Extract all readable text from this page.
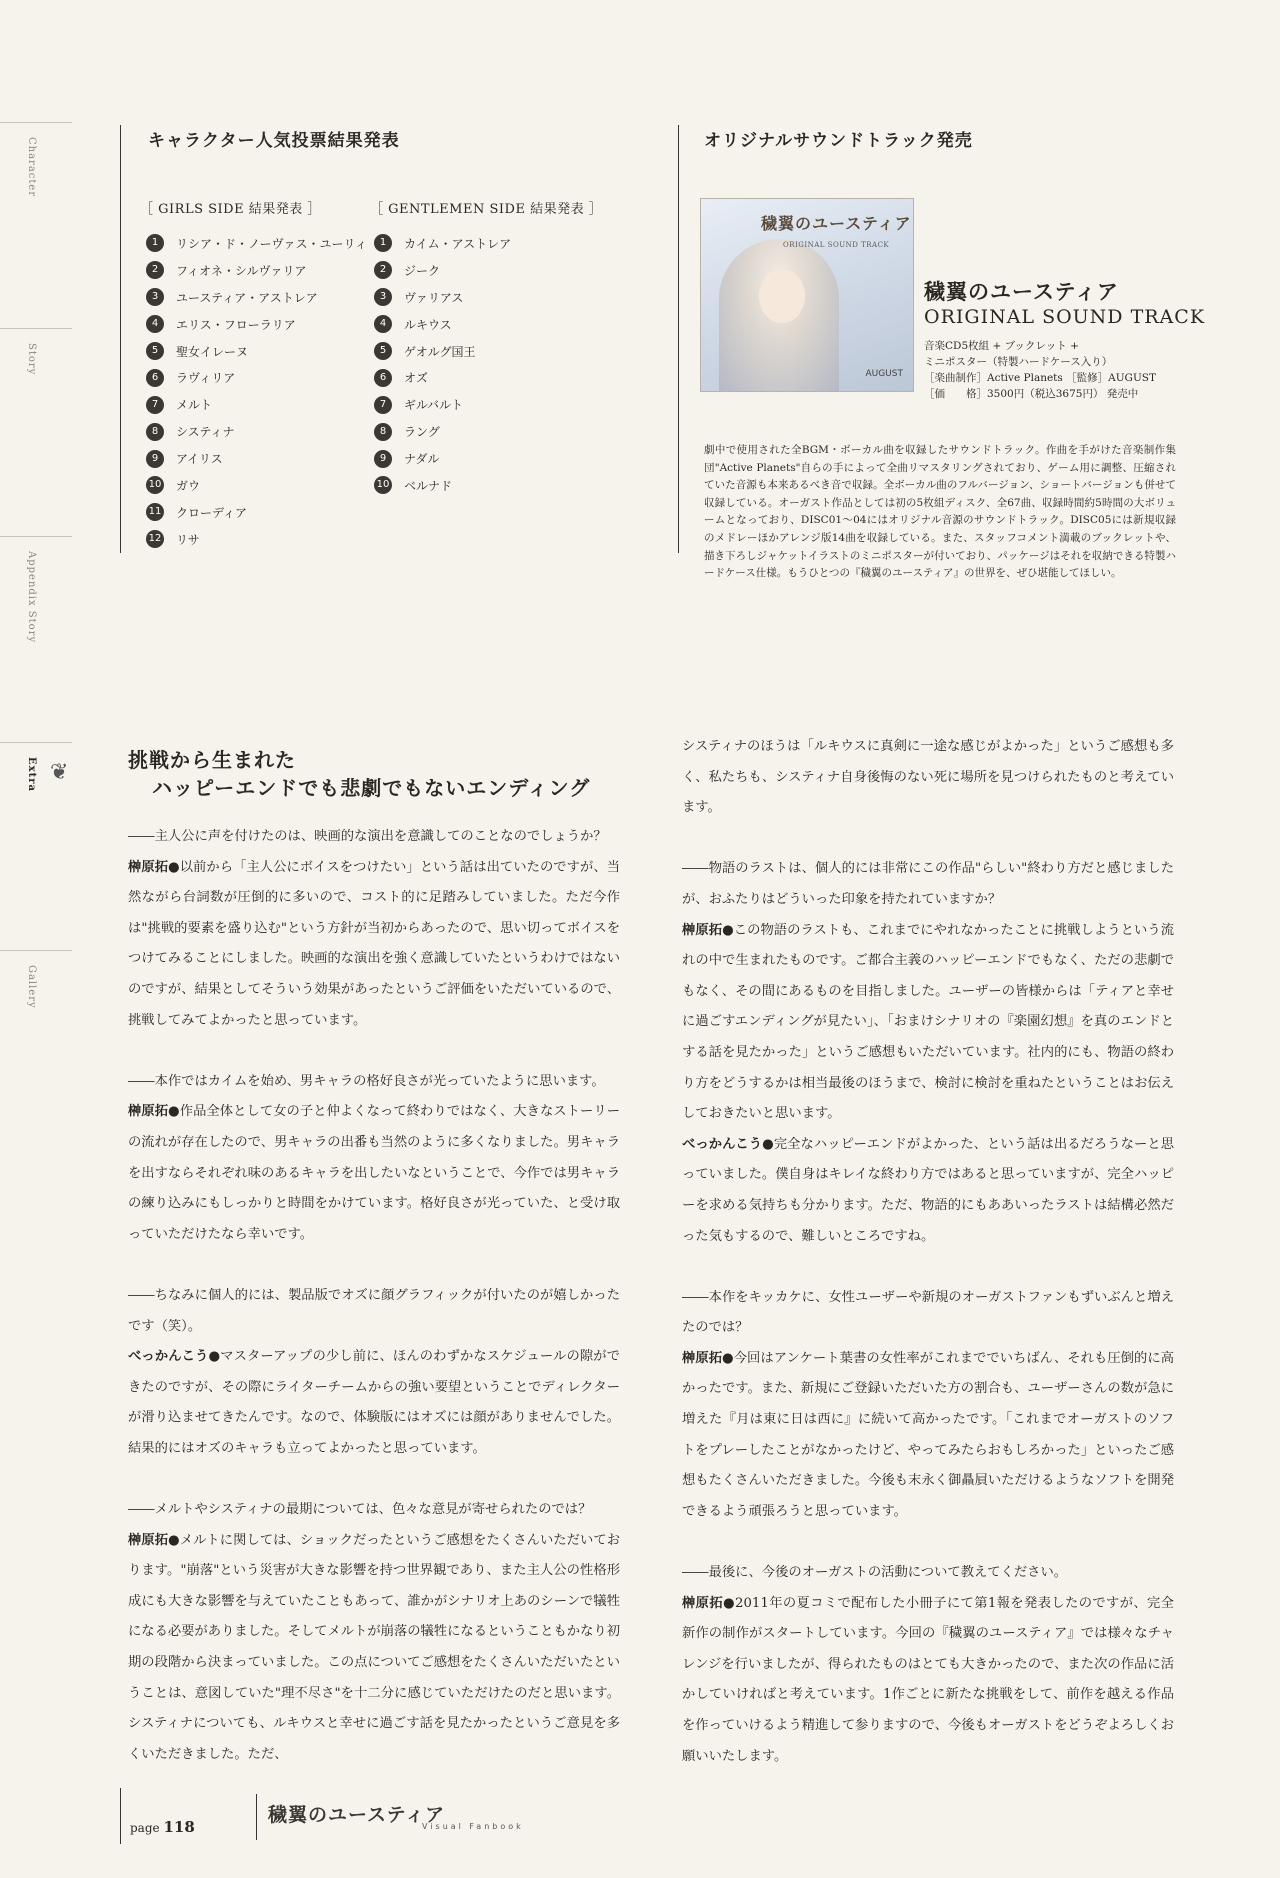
Character
Story
Appendix Story
Extra ❦
Gallery
キャラクター人気投票結果発表
［ GIRLS SIDE 結果発表 ］	［ GENTLEMEN SIDE 結果発表 ］
1	リシア・ド・ノーヴァス・ユーリィ
2	フィオネ・シルヴァリア
3	ユースティア・アストレア
4	エリス・フローラリア
5	聖女イレーヌ
6	ラヴィリア
7	メルト
8	システィナ
9	アイリス
10 ガウ
11 クローディア
12 リサ
1	カイム・アストレア
2	ジーク
3	ヴァリアス
4	ルキウス
5	ゲオルグ国王
6	オズ
7	ギルバルト
8	ラング
9	ナダル
10 ベルナド
オリジナルサウンドトラック発売
穢翼のユースティア
ORIGINAL SOUND TRACK
AUGUST
穢翼のユースティア
ORIGINAL SOUND TRACK
音楽CD5枚組 + ブックレット +
ミニポスター（特製ハードケース入り）
［楽曲制作］Active Planets ［監修］AUGUST
［価　　格］3500円（税込3675円） 発売中
劇中で使用された全BGM・ボーカル曲を収録したサウンドトラック。作曲を手がけた音楽制作集団"Active Planets"自らの手によって全曲リマスタリングされており、ゲーム用に調整、圧縮されていた音源も本来あるべき音で収録。全ボーカル曲のフルバージョン、ショートバージョンも併せて収録している。オーガスト作品としては初の5枚組ディスク、全67曲、収録時間約5時間の大ボリュームとなっており、DISC01～04にはオリジナル音源のサウンドトラック。DISC05には新規収録のメドレーほかアレンジ版14曲を収録している。また、スタッフコメント満載のブックレットや、描き下ろしジャケットイラストのミニポスターが付いており、パッケージはそれを収納できる特製ハードケース仕様。もうひとつの『穢翼のユースティア』の世界を、ぜひ堪能してほしい。
挑戦から生まれた
ハッピーエンドでも悲劇でもないエンディング

――主人公に声を付けたのは、映画的な演出を意識してのことなのでしょうか？

榊原拓●以前から「主人公にボイスをつけたい」という話は出ていたのですが、当然ながら台詞数が圧倒的に多いので、コスト的に足踏みしていました。ただ今作は"挑戦的要素を盛り込む"という方針が当初からあったので、思い切ってボイスをつけてみることにしました。映画的な演出を強く意識していたというわけではないのですが、結果としてそういう効果があったというご評価をいただいているので、挑戦してみてよかったと思っています。

――本作ではカイムを始め、男キャラの格好良さが光っていたように思います。

榊原拓●作品全体として女の子と仲よくなって終わりではなく、大きなストーリーの流れが存在したので、男キャラの出番も当然のように多くなりました。男キャラを出すならそれぞれ味のあるキャラを出したいなということで、今作では男キャラの練り込みにもしっかりと時間をかけています。格好良さが光っていた、と受け取っていただけたなら幸いです。

――ちなみに個人的には、製品版でオズに顔グラフィックが付いたのが嬉しかったです（笑）。

べっかんこう●マスターアップの少し前に、ほんのわずかなスケジュールの隙ができたのですが、その際にライターチームからの強い要望ということでディレクターが滑り込ませてきたんです。なので、体験版にはオズには顔がありませんでした。結果的にはオズのキャラも立ってよかったと思っています。

――メルトやシスティナの最期については、色々な意見が寄せられたのでは？

榊原拓●メルトに関しては、ショックだったというご感想をたくさんいただいております。"崩落"という災害が大きな影響を持つ世界観であり、また主人公の性格形成にも大きな影響を与えていたこともあって、誰かがシナリオ上あのシーンで犠牲になる必要がありました。そしてメルトが崩落の犠牲になるということもかなり初期の段階から決まっていました。この点についてご感想をたくさんいただいたということは、意図していた"理不尽さ"を十二分に感じていただけたのだと思います。システィナについても、ルキウスと幸せに過ごす話を見たかったというご意見を多くいただきました。ただ、

システィナのほうは「ルキウスに真剣に一途な感じがよかった」というご感想も多く、私たちも、システィナ自身後悔のない死に場所を見つけられたものと考えています。

――物語のラストは、個人的には非常にこの作品"らしい"終わり方だと感じましたが、おふたりはどういった印象を持たれていますか？

榊原拓●この物語のラストも、これまでにやれなかったことに挑戦しようという流れの中で生まれたものです。ご都合主義のハッピーエンドでもなく、ただの悲劇でもなく、その間にあるものを目指しました。ユーザーの皆様からは「ティアと幸せに過ごすエンディングが見たい」、「おまけシナリオの『楽園幻想』を真のエンドとする話を見たかった」というご感想もいただいています。社内的にも、物語の終わり方をどうするかは相当最後のほうまで、検討に検討を重ねたということはお伝えしておきたいと思います。

べっかんこう●完全なハッピーエンドがよかった、という話は出るだろうなーと思っていました。僕自身はキレイな終わり方ではあると思っていますが、完全ハッピーを求める気持ちも分かります。ただ、物語的にもああいったラストは結構必然だった気もするので、難しいところですね。

――本作をキッカケに、女性ユーザーや新規のオーガストファンもずいぶんと増えたのでは？

榊原拓●今回はアンケート葉書の女性率がこれまででいちばん、それも圧倒的に高かったです。また、新規にご登録いただいた方の割合も、ユーザーさんの数が急に増えた『月は東に日は西に』に続いて高かったです。「これまでオーガストのソフトをプレーしたことがなかったけど、やってみたらおもしろかった」といったご感想もたくさんいただきました。今後も末永く御贔屓いただけるようなソフトを開発できるよう頑張ろうと思っています。

――最後に、今後のオーガストの活動について教えてください。

榊原拓●2011年の夏コミで配布した小冊子にて第1報を発表したのですが、完全新作の制作がスタートしています。今回の『穢翼のユースティア』では様々なチャレンジを行いましたが、得られたものはとても大きかったので、また次の作品に活かしていければと考えています。1作ごとに新たな挑戦をして、前作を越える作品を作っていけるよう精進して参りますので、今後もオーガストをどうぞよろしくお願いいたします。

page 118
穢翼のユースティア
Visual Fanbook
